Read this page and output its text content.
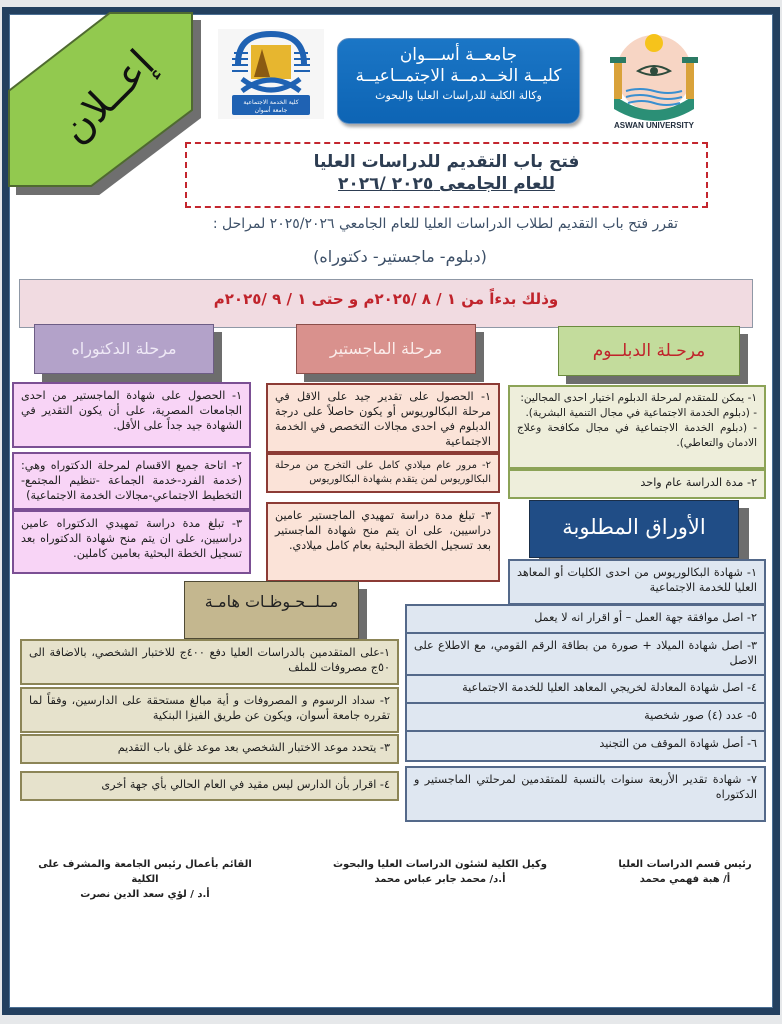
إعــلان	كلية الخدمة الاجتماعية
جامعة أسوان
جامعــة أســـوان
كليــة الخــدمــة الاجتمــاعيــة
وكالة الكلية للدراسات العليا والبحوث
ASWAN UNIVERSITY
فتح باب التقديم للدراسات العليا
للعام الجامعى ٢٠٢٥ /٢٠٢٦
تقرر فتح باب التقديم لطلاب الدراسات العليا للعام الجامعي ٢٠٢٥/٢٠٢٦ لمراحل :
(دبلوم- ماجستير- دكتوراه)
وذلك بدءاً من ١ / ٨ /٢٠٢٥م و حتى ١ / ٩ /٢٠٢٥م
مرحلة الدكتوراه	مرحلة الماجستير	مرحـلة الدبلــوم
١- الحصول على شهادة الماجستير من احدى الجامعات المصرية، على أن يكون التقدير في الشهادة جيد جداً على الأقل.
٢- اتاحة جميع الاقسام لمرحلة الدكتوراه وهي:(خدمة الفرد-خدمة الجماعة -تنظيم المجتمع- التخطيط الاجتماعي-مجالات الخدمة الاجتماعية)
٣- تبلغ مدة دراسة تمهيدي الدكتوراه عامين دراسيين، على ان يتم منح شهادة الدكتوراه بعد تسجيل الخطة البحثية بعامين كاملين.
١- الحصول على تقدير جيد على الاقل في مرحلة البكالوريوس أو يكون حاصلاً على درجة الدبلوم في احدى مجالات التخصص في الخدمة الاجتماعية
٢- مرور عام ميلادي كامل على التخرج من مرحلة البكالوريوس لمن يتقدم بشهادة البكالوريوس
٣- تبلغ مدة دراسة تمهيدي الماجستير عامين دراسيين، على ان يتم منح شهادة الماجستير بعد تسجيل الخطة البحثية بعام كامل ميلادي.
١- يمكن للمتقدم لمرحلة الدبلوم اختيار احدى المجالين:
- (دبلوم الخدمة الاجتماعية في مجال التنمية البشرية).
- (دبلوم الخدمة الاجتماعية في مجال مكافحة وعلاج الادمان والتعاطي).
٢- مدة الدراسة عام واحد
الأوراق المطلوبة
١- شهادة البكالوريوس من احدى الكليات أو المعاهد العليا للخدمة الاجتماعية
٢- اصل موافقة جهة العمل – أو اقرار انه لا يعمل
٣- اصل شهادة الميلاد + صورة من بطاقة الرقم القومي، مع الاطلاع على الاصل
٤- اصل شهادة المعادلة لخريجي المعاهد العليا للخدمة الاجتماعية
٥- عدد (٤) صور شخصية
٦- أصل شهادة الموقف من التجنيد
٧- شهادة تقدير الأربعة سنوات بالنسبة للمتقدمين لمرحلتي الماجستير و الدكتوراه
مــلــحـوظـات هامـة
١-على المتقدمين بالدراسات العليا دفع ٤٠٠ج للاختبار الشخصي، بالاضافة الى ٥٠ج مصروفات للملف
٢- سداد الرسوم و المصروفات و أية مبالغ مستحقة على الدارسين، وفقاً لما تقرره جامعة أسوان، ويكون عن طريق الفيزا البنكية
٣- يتحدد موعد الاختبار الشخصي بعد موعد غلق باب التقديم
٤- اقرار بأن الدارس ليس مقيد في العام الحالي بأي جهة أخرى
رئيس قسم الدراسات العليا
أ/ هبة فهمي محمد
وكيل الكلية لشئون الدراسات العليا والبحوث
أ.د/ محمد جابر عباس محمد
القائم بأعمال رئيس الجامعة والمشرف على الكلية
أ.د / لؤي سعد الدين نصرت
